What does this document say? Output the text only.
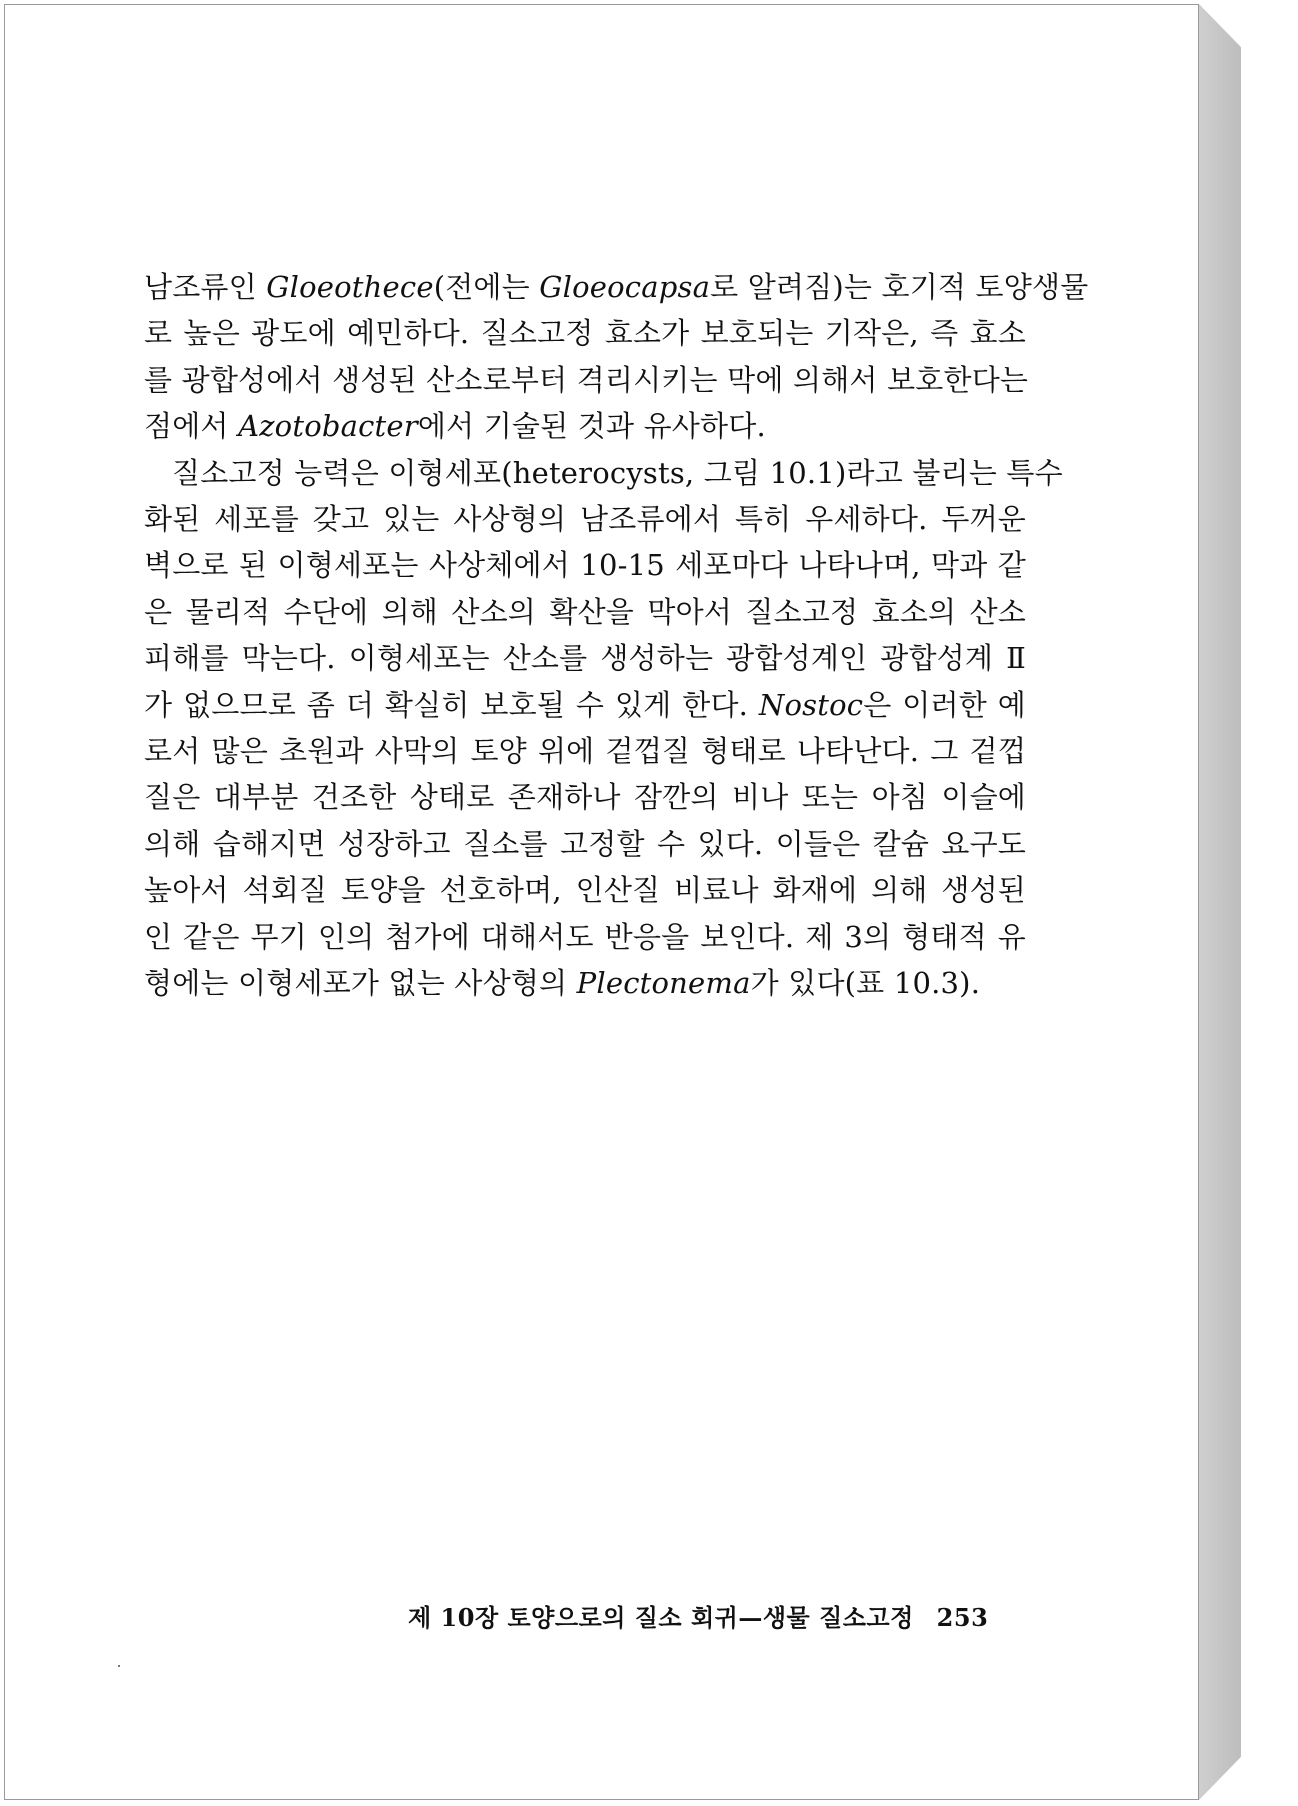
남조류인 Gloeothece(전에는 Gloeocapsa로 알려짐)는 호기적 토양생물
로 높은 광도에 예민하다. 질소고정 효소가 보호되는 기작은, 즉 효소
를 광합성에서 생성된 산소로부터 격리시키는 막에 의해서 보호한다는
점에서 Azotobacter에서 기술된 것과 유사하다.

질소고정 능력은 이형세포(heterocysts, 그림 10.1)라고 불리는 특수
화된 세포를 갖고 있는 사상형의 남조류에서 특히 우세하다. 두꺼운
벽으로 된 이형세포는 사상체에서 10-15 세포마다 나타나며, 막과 같
은 물리적 수단에 의해 산소의 확산을 막아서 질소고정 효소의 산소
피해를 막는다. 이형세포는 산소를 생성하는 광합성계인 광합성계 Ⅱ
가 없으므로 좀 더 확실히 보호될 수 있게 한다. Nostoc은 이러한 예
로서 많은 초원과 사막의 토양 위에 겉껍질 형태로 나타난다. 그 겉껍
질은 대부분 건조한 상태로 존재하나 잠깐의 비나 또는 아침 이슬에
의해 습해지면 성장하고 질소를 고정할 수 있다. 이들은 칼슘 요구도
높아서 석회질 토양을 선호하며, 인산질 비료나 화재에 의해 생성된
인 같은 무기 인의 첨가에 대해서도 반응을 보인다. 제 3의 형태적 유
형에는 이형세포가 없는 사상형의 Plectonema가 있다(표 10.3).

제 10장 토양으로의 질소 회귀—생물 질소고정 253
